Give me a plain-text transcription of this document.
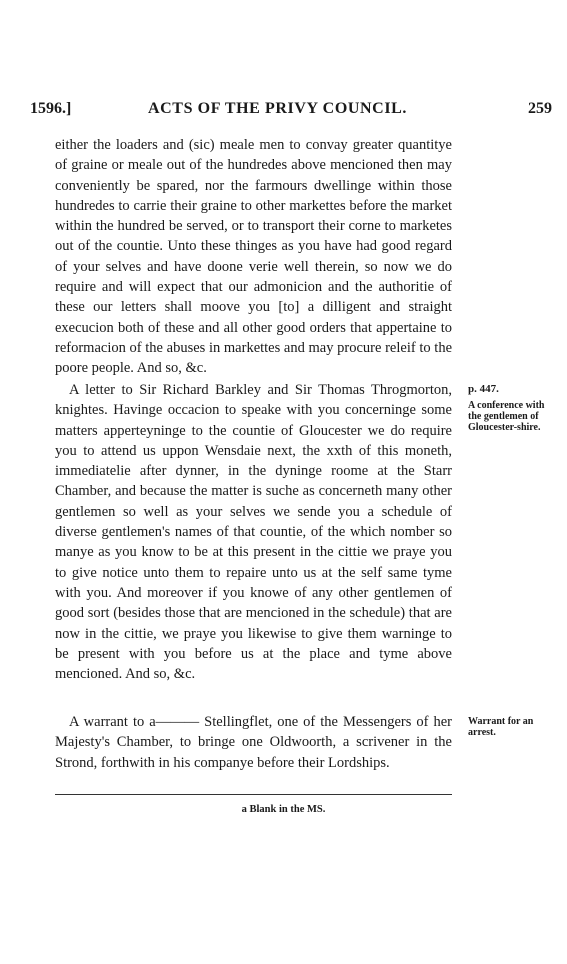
1596.]	ACTS OF THE PRIVY COUNCIL.	259

either the loaders and (sic) meale men to convay greater quantitye of graine or meale out of the hundredes above mencioned then may conveniently be spared, nor the farmours dwellinge within those hundredes to carrie their graine to other markettes before the market within the hundred be served, or to transport their corne to marketes out of the countie. Unto these thinges as you have had good regard of your selves and have doone verie well therein, so now we do require and will expect that our admonicion and the authoritie of these our letters shall moove you [to] a dilligent and straight execucion both of these and all other good orders that appertaine to reformacion of the abuses in markettes and may procure releif to the poore people. And so, &c.

A letter to Sir Richard Barkley and Sir Thomas Throgmorton, knightes. Havinge occacion to speake with you concerninge some matters apperteyninge to the countie of Gloucester we do require you to attend us uppon Wensdaie next, the xxth of this moneth, immediatelie after dynner, in the dyninge roome at the Starr Chamber, and because the matter is suche as concerneth many other gentlemen so well as your selves we sende you a schedule of diverse gentlemen's names of that countie, of the which nomber so manye as you know to be at this present in the cittie we praye you to give notice unto them to repaire unto us at the self same tyme with you. And moreover if you knowe of any other gentlemen of good sort (besides those that are mencioned in the schedule) that are now in the cittie, we praye you likewise to give them warninge to be present with you before us at the place and tyme above mencioned. And so, &c.

A warrant to a——— Stellingflet, one of the Messengers of her Majesty's Chamber, to bringe one Oldwoorth, a scrivener in the Strond, forthwith in his companye before their Lordships.

p. 447.
A conference with the gentlemen of Gloucester-shire.
Warrant for an arrest.
a Blank in the MS.
